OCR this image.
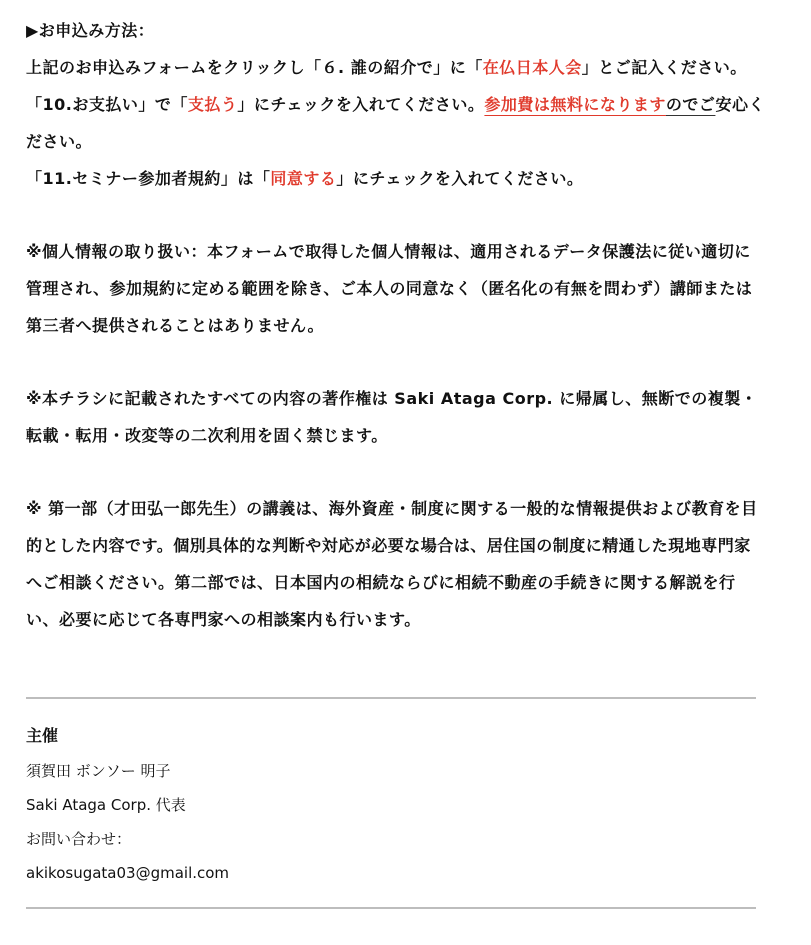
▶お申込み方法：

上記のお申込みフォームをクリックし「６. 誰の紹介で」に「在仏日本人会」とご記入ください。

「10.お支払い」で「支払う」にチェックを入れてください。参加費は無料になりますのでご安心ください。

「11.セミナー参加者規約」は「同意する」にチェックを入れてください。

※個人情報の取り扱い：本フォームで取得した個人情報は、適用されるデータ保護法に従い適切に管理され、参加規約に定める範囲を除き、ご本人の同意なく（匿名化の有無を問わず）講師または第三者へ提供されることはありません。

※本チラシに記載されたすべての内容の著作権は Saki Ataga Corp. に帰属し、無断での複製・転載・転用・改変等の二次利用を固く禁じます。

※ 第一部（才田弘一郎先生）の講義は、海外資産・制度に関する一般的な情報提供および教育を目的とした内容です。個別具体的な判断や対応が必要な場合は、居住国の制度に精通した現地専門家へご相談ください。第二部では、日本国内の相続ならびに相続不動産の手続きに関する解説を行い、必要に応じて各専門家への相談案内も行います。

主催

須賀田 ボンソー 明子

Saki Ataga Corp. 代表

お問い合わせ：

akikosugata03@gmail.com
